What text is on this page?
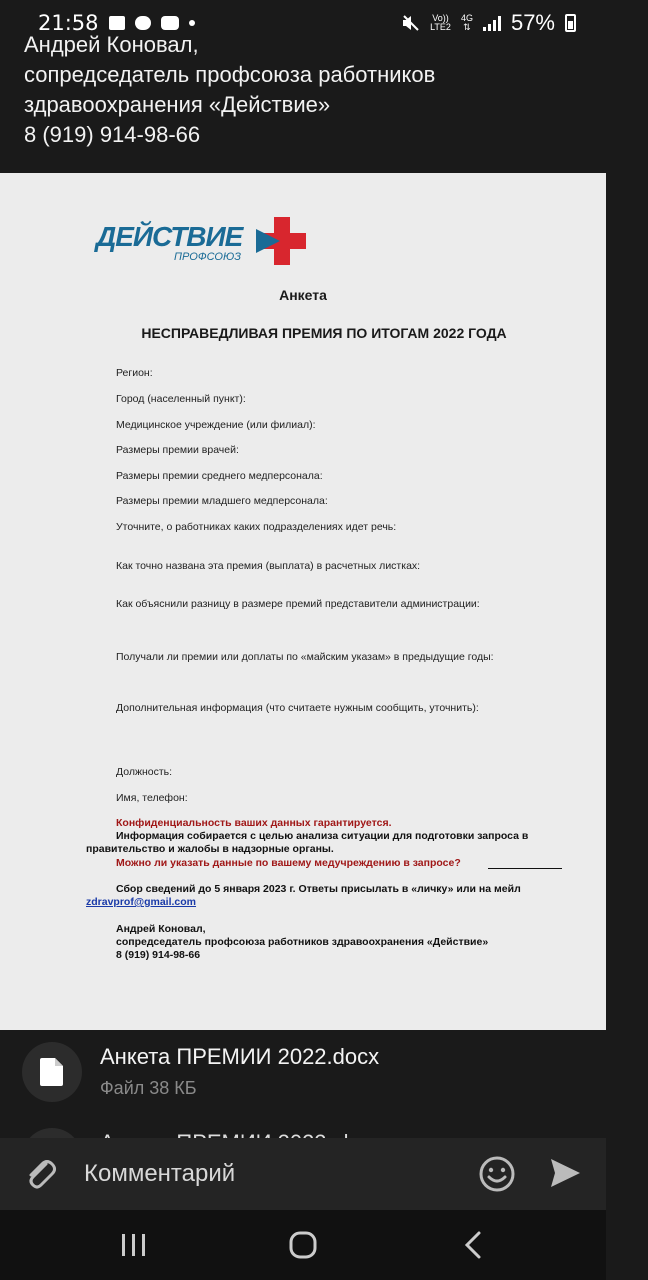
21:58	Vo))
LTE2
4G
⇅ 57%
Андрей Коновал,
сопредседатель профсоюза работников
здравоохранения «Действие»
8 (919) 914-98-66
ДЕЙСТВИЕ
ПРОФСОЮЗ
Анкета
НЕСПРАВЕДЛИВАЯ ПРЕМИЯ ПО ИТОГАМ 2022 ГОДА
Регион:
Город (населенный пункт):
Медицинское учреждение (или филиал):
Размеры премии врачей:
Размеры премии среднего медперсонала:
Размеры премии младшего медперсонала:
Уточните, о работниках каких подразделениях идет речь:
Как точно названа эта премия (выплата) в расчетных листках:
Как объяснили разницу в размере премий представители администрации:
Получали ли премии или доплаты по «майским указам» в предыдущие годы:
Дополнительная информация (что считаете нужным сообщить, уточнить):
Должность:
Имя, телефон:
Конфиденциальность ваших данных гарантируется.
Информация собирается с целью анализа ситуации для подготовки запроса в
правительство и жалобы в надзорные органы.
Можно ли указать данные по вашему медучреждению в запросе?
Сбор сведений до 5 января 2023 г. Ответы присылать в «личку» или на мейл
zdravprof@gmail.com
Андрей Коновал,
сопредседатель профсоюза работников здравоохранения «Действие»
8 (919) 914-98-66
Анкета ПРЕМИИ 2022.docx
Файл 38 КБ
Комментарий
